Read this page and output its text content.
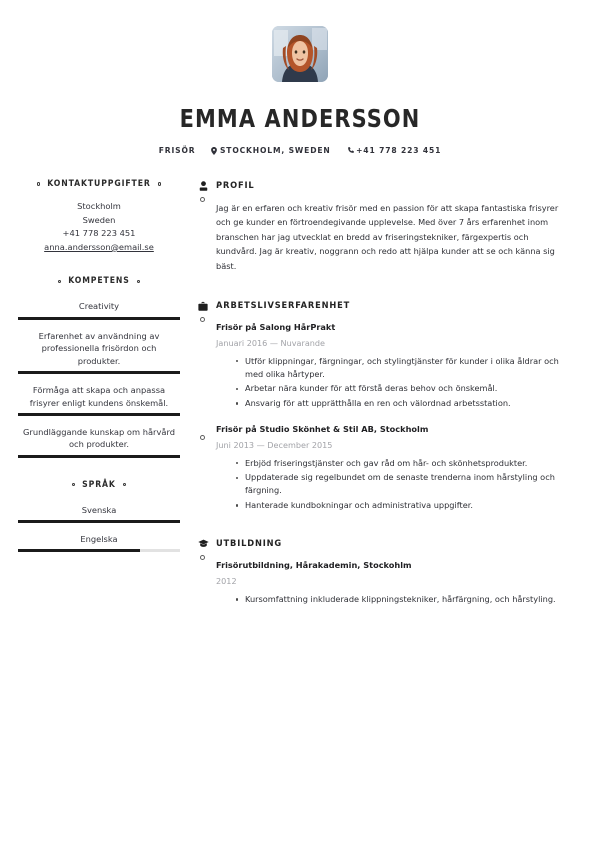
EMMA ANDERSSON
FRISÖR	STOCKHOLM, SWEDEN	+41 778 223 451
KONTAKTUPPGIFTER
Stockholm
Sweden
+41 778 223 451
anna.andersson@email.se
KOMPETENS
Creativity
Erfarenhet av användning av professionella frisördon och produkter.
Förmåga att skapa och anpassa frisyrer enligt kundens önskemål.
Grundläggande kunskap om hårvård och produkter.
SPRÅK
Svenska
Engelska
PROFIL
Jag är en erfaren och kreativ frisör med en passion för att skapa fantastiska frisyrer och ge kunder en förtroendegivande upplevelse. Med över 7 års erfarenhet inom branschen har jag utvecklat en bredd av friseringstekniker, färgexpertis och kundvård. Jag är kreativ, noggrann och redo att hjälpa kunder att se och känna sig bäst.
ARBETSLIVSERFARENHET
Frisör på Salong HårPrakt
Januari 2016 — Nuvarande
Utför klippningar, färgningar, och stylingtjänster för kunder i olika åldrar och med olika hårtyper.
Arbetar nära kunder för att förstå deras behov och önskemål.
Ansvarig för att upprätthålla en ren och välordnad arbetsstation.
Frisör på Studio Skönhet & Stil AB, Stockholm
Juni 2013 — December 2015
Erbjöd friseringstjänster och gav råd om hår- och skönhetsprodukter.
Uppdaterade sig regelbundet om de senaste trenderna inom hårstyling och färgning.
Hanterade kundbokningar och administrativa uppgifter.
UTBILDNING
Frisörutbildning, Hårakademin, Stockohlm
2012
Kursomfattning inkluderade klippningstekniker, hårfärgning, och hårstyling.
